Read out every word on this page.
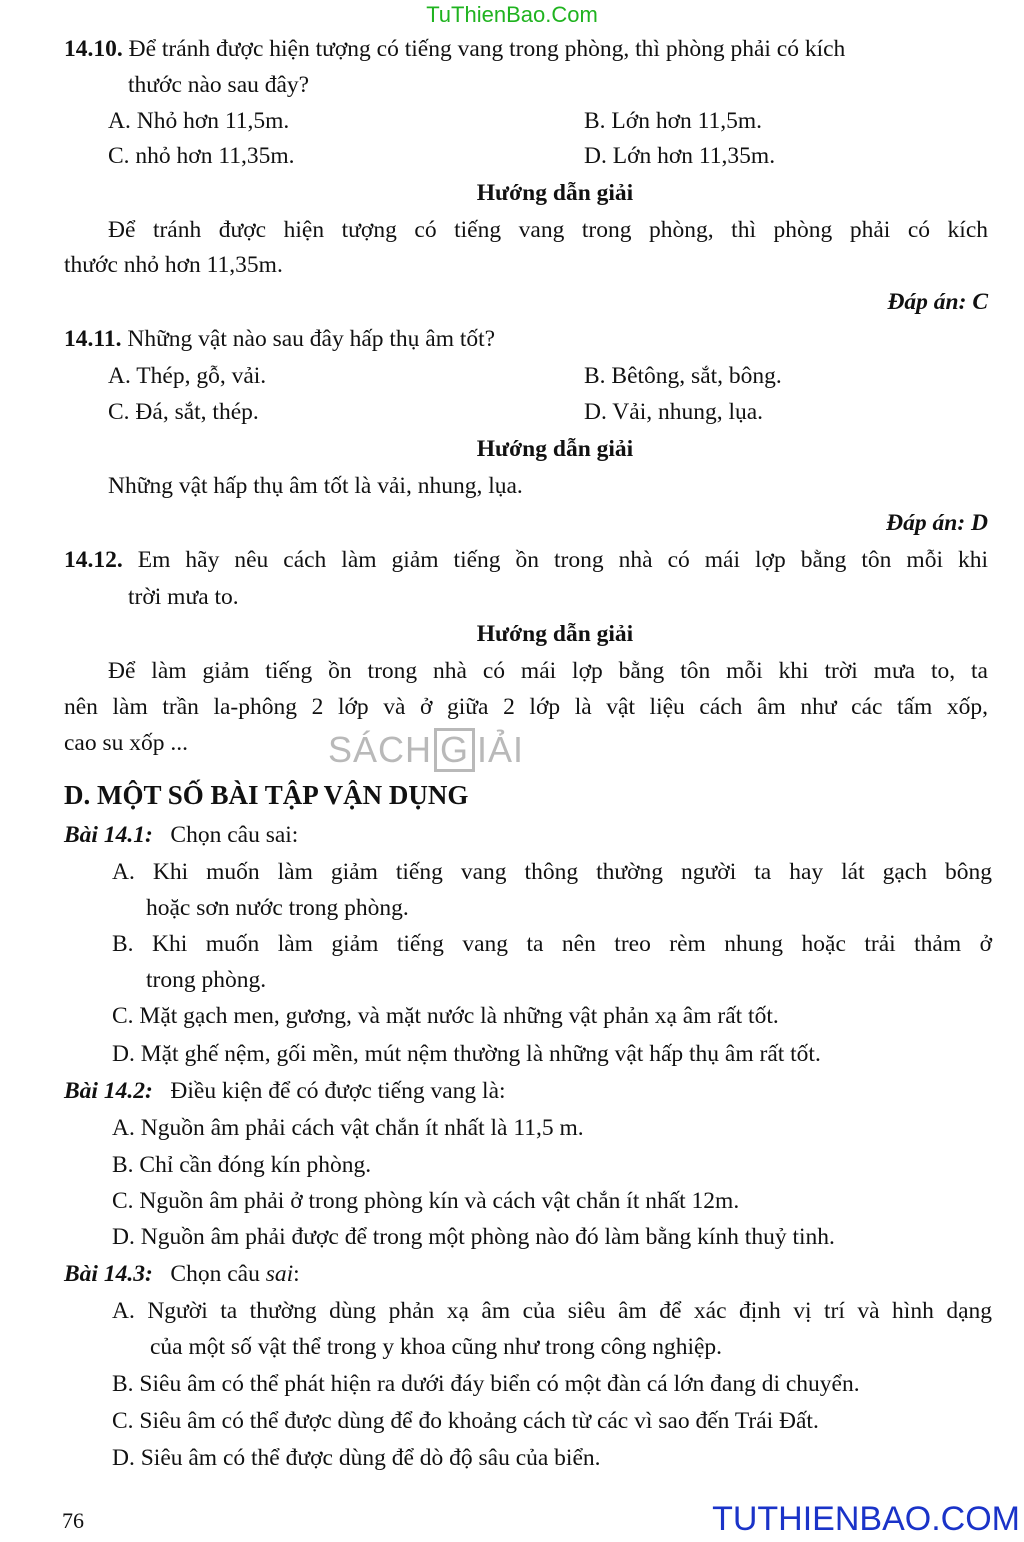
TuThienBao.Com
14.10. Để tránh được hiện tượng có tiếng vang trong phòng, thì phòng phải có kích
thước nào sau đây?
A. Nhỏ hơn 11,5m.	B. Lớn hơn 11,5m.
C. nhỏ hơn 11,35m.	D. Lớn hơn 11,35m.
Hướng dẫn giải
Để tránh được hiện tượng có tiếng vang trong phòng, thì phòng phải có kích
thước nhỏ hơn 11,35m.
Đáp án: C
14.11. Những vật nào sau đây hấp thụ âm tốt?
A. Thép, gỗ, vải.	B. Bêtông, sắt, bông.
C. Đá, sắt, thép.	D. Vải, nhung, lụa.
Hướng dẫn giải
Những vật hấp thụ âm tốt là vải, nhung, lụa.
Đáp án: D
14.12. Em hãy nêu cách làm giảm tiếng ồn trong nhà có mái lợp bằng tôn mỗi khi
trời mưa to.
Hướng dẫn giải
Để làm giảm tiếng ồn trong nhà có mái lợp bằng tôn mỗi khi trời mưa to, ta
nên làm trần la-phông 2 lớp và ở giữa 2 lớp là vật liệu cách âm như các tấm xốp,
cao su xốp ...	SÁCH G IẢI
D. MỘT SỐ BÀI TẬP VẬN DỤNG
Bài 14.1: Chọn câu sai:
A. Khi muốn làm giảm tiếng vang thông thường người ta hay lát gạch bông
hoặc sơn nước trong phòng.
B. Khi muốn làm giảm tiếng vang ta nên treo rèm nhung hoặc trải thảm ở
trong phòng.
C. Mặt gạch men, gương, và mặt nước là những vật phản xạ âm rất tốt.
D. Mặt ghế nệm, gối mền, mút nệm thường là những vật hấp thụ âm rất tốt.
Bài 14.2: Điều kiện để có được tiếng vang là:
A. Nguồn âm phải cách vật chắn ít nhất là 11,5 m.
B. Chỉ cần đóng kín phòng.
C. Nguồn âm phải ở trong phòng kín và cách vật chắn ít nhất 12m.
D. Nguồn âm phải được để trong một phòng nào đó làm bằng kính thuỷ tinh.
Bài 14.3: Chọn câu sai:
A. Người ta thường dùng phản xạ âm của siêu âm để xác định vị trí và hình dạng
của một số vật thể trong y khoa cũng như trong công nghiệp.
B. Siêu âm có thể phát hiện ra dưới đáy biển có một đàn cá lớn đang di chuyển.
C. Siêu âm có thể được dùng để đo khoảng cách từ các vì sao đến Trái Đất.
D. Siêu âm có thể được dùng để dò độ sâu của biển.
76	TUTHIENBAO.COM
